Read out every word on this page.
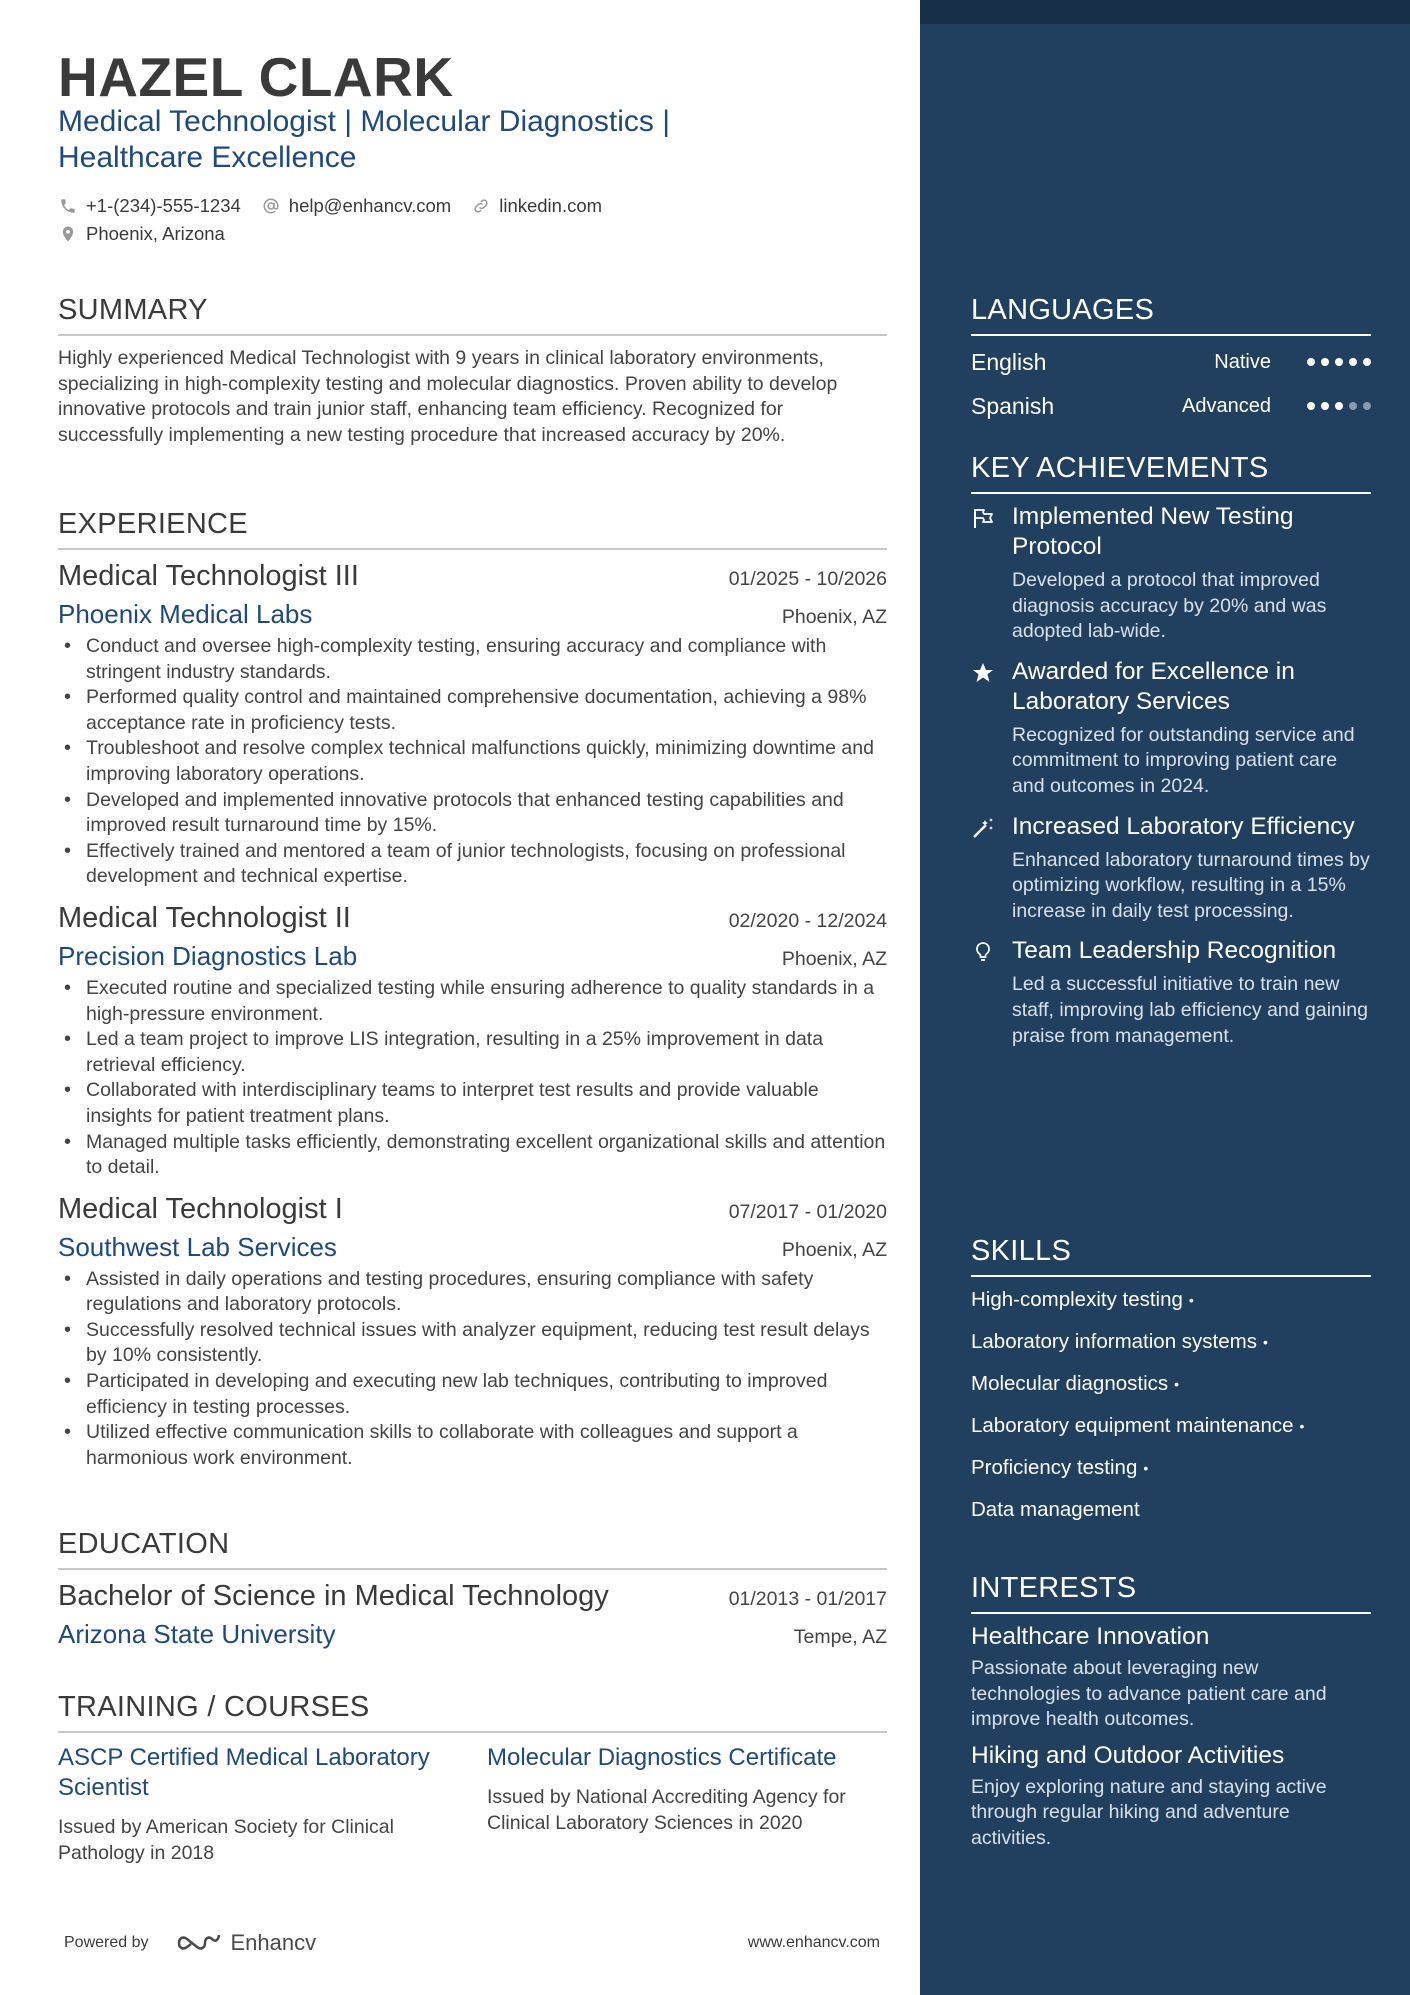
HAZEL CLARK
Medical Technologist | Molecular Diagnostics |
Healthcare Excellence
+1-(234)-555-1234	help@enhancv.com	linkedin.com
Phoenix, Arizona
SUMMARY
Highly experienced Medical Technologist with 9 years in clinical laboratory environments, specializing in high-complexity testing and molecular diagnostics. Proven ability to develop innovative protocols and train junior staff, enhancing team efficiency. Recognized for successfully implementing a new testing procedure that increased accuracy by 20%.
EXPERIENCE
Medical Technologist III	01/2025 - 10/2026
Phoenix Medical Labs	Phoenix, AZ
• Conduct and oversee high-complexity testing, ensuring accuracy and compliance with stringent industry standards.
• Performed quality control and maintained comprehensive documentation, achieving a 98% acceptance rate in proficiency tests.
• Troubleshoot and resolve complex technical malfunctions quickly, minimizing downtime and improving laboratory operations.
• Developed and implemented innovative protocols that enhanced testing capabilities and improved result turnaround time by 15%.
• Effectively trained and mentored a team of junior technologists, focusing on professional development and technical expertise.
Medical Technologist II	02/2020 - 12/2024
Precision Diagnostics Lab	Phoenix, AZ
• Executed routine and specialized testing while ensuring adherence to quality standards in a high-pressure environment.
• Led a team project to improve LIS integration, resulting in a 25% improvement in data retrieval efficiency.
• Collaborated with interdisciplinary teams to interpret test results and provide valuable insights for patient treatment plans.
• Managed multiple tasks efficiently, demonstrating excellent organizational skills and attention to detail.
Medical Technologist I	07/2017 - 01/2020
Southwest Lab Services	Phoenix, AZ
• Assisted in daily operations and testing procedures, ensuring compliance with safety regulations and laboratory protocols.
• Successfully resolved technical issues with analyzer equipment, reducing test result delays by 10% consistently.
• Participated in developing and executing new lab techniques, contributing to improved efficiency in testing processes.
• Utilized effective communication skills to collaborate with colleagues and support a harmonious work environment.
EDUCATION
Bachelor of Science in Medical Technology	01/2013 - 01/2017
Arizona State University	Tempe, AZ
TRAINING / COURSES
ASCP Certified Medical Laboratory Scientist
Issued by American Society for Clinical Pathology in 2018
Molecular Diagnostics Certificate
Issued by National Accrediting Agency for Clinical Laboratory Sciences in 2020
Powered by	Enhancv	www.enhancv.com
LANGUAGES
English	Native
Spanish	Advanced
KEY ACHIEVEMENTS
Implemented New Testing Protocol
Developed a protocol that improved diagnosis accuracy by 20% and was adopted lab-wide.
Awarded for Excellence in Laboratory Services
Recognized for outstanding service and commitment to improving patient care and outcomes in 2024.
Increased Laboratory Efficiency
Enhanced laboratory turnaround times by optimizing workflow, resulting in a 15% increase in daily test processing.
Team Leadership Recognition
Led a successful initiative to train new staff, improving lab efficiency and gaining praise from management.
SKILLS
High-complexity testing •
Laboratory information systems •
Molecular diagnostics •
Laboratory equipment maintenance •
Proficiency testing •
Data management
INTERESTS
Healthcare Innovation
Passionate about leveraging new technologies to advance patient care and improve health outcomes.
Hiking and Outdoor Activities
Enjoy exploring nature and staying active through regular hiking and adventure activities.
